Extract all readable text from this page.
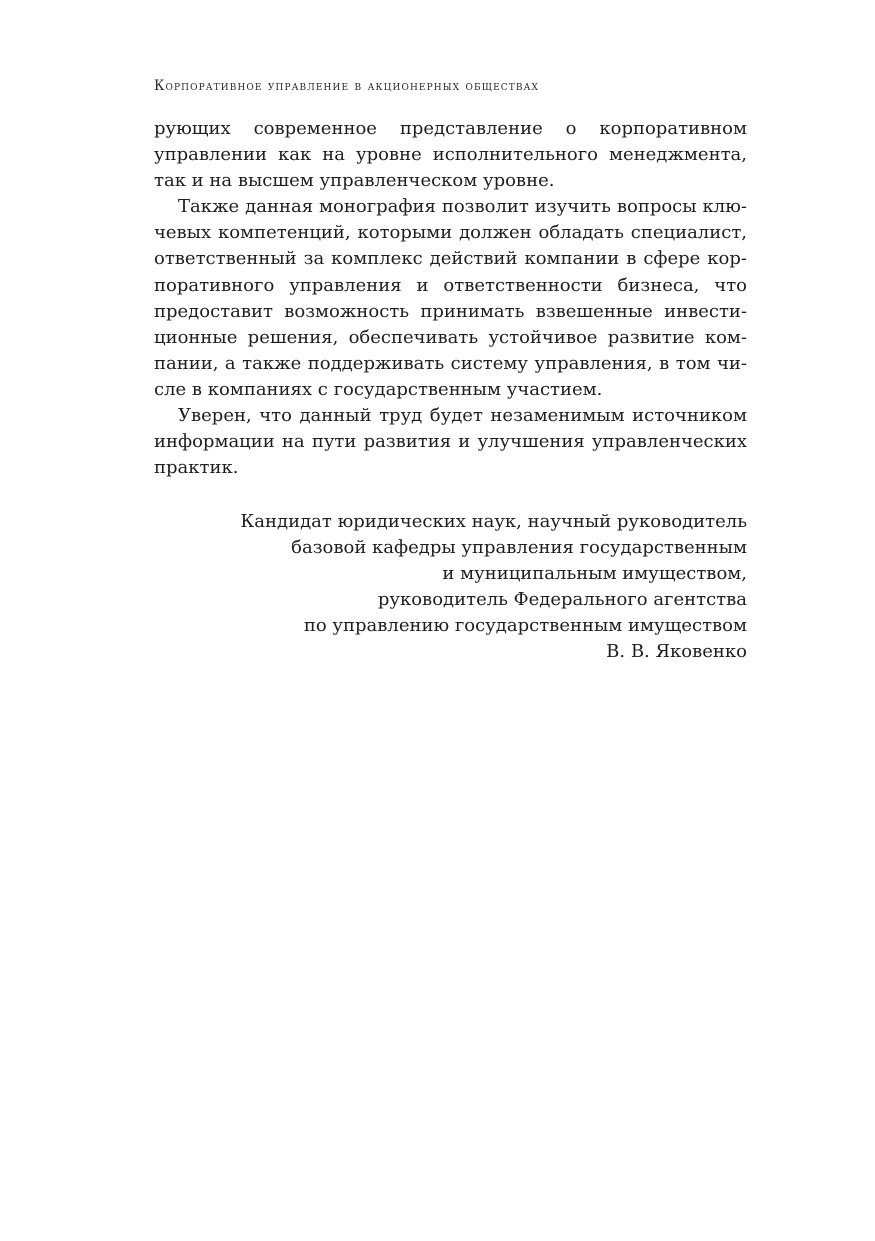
Корпоративное управление в акционерных обществах
рующих современное представление о корпоративном
управлении как на уровне исполнительного менеджмента,
так и на высшем управленческом уровне.
Также данная монография позволит изучить вопросы клю-
чевых компетенций, которыми должен обладать специалист,
ответственный за комплекс действий компании в сфере кор-
поративного управления и ответственности бизнеса, что
предоставит возможность принимать взвешенные инвести-
ционные решения, обеспечивать устойчивое развитие ком-
пании, а также поддерживать систему управления, в том чи-
сле в компаниях с государственным участием.
Уверен, что данный труд будет незаменимым источником
информации на пути развития и улучшения управленческих
практик.
Кандидат юридических наук, научный руководитель
базовой кафедры управления государственным
и муниципальным имуществом,
руководитель Федерального агентства
по управлению государственным имуществом
В. В. Яковенко
